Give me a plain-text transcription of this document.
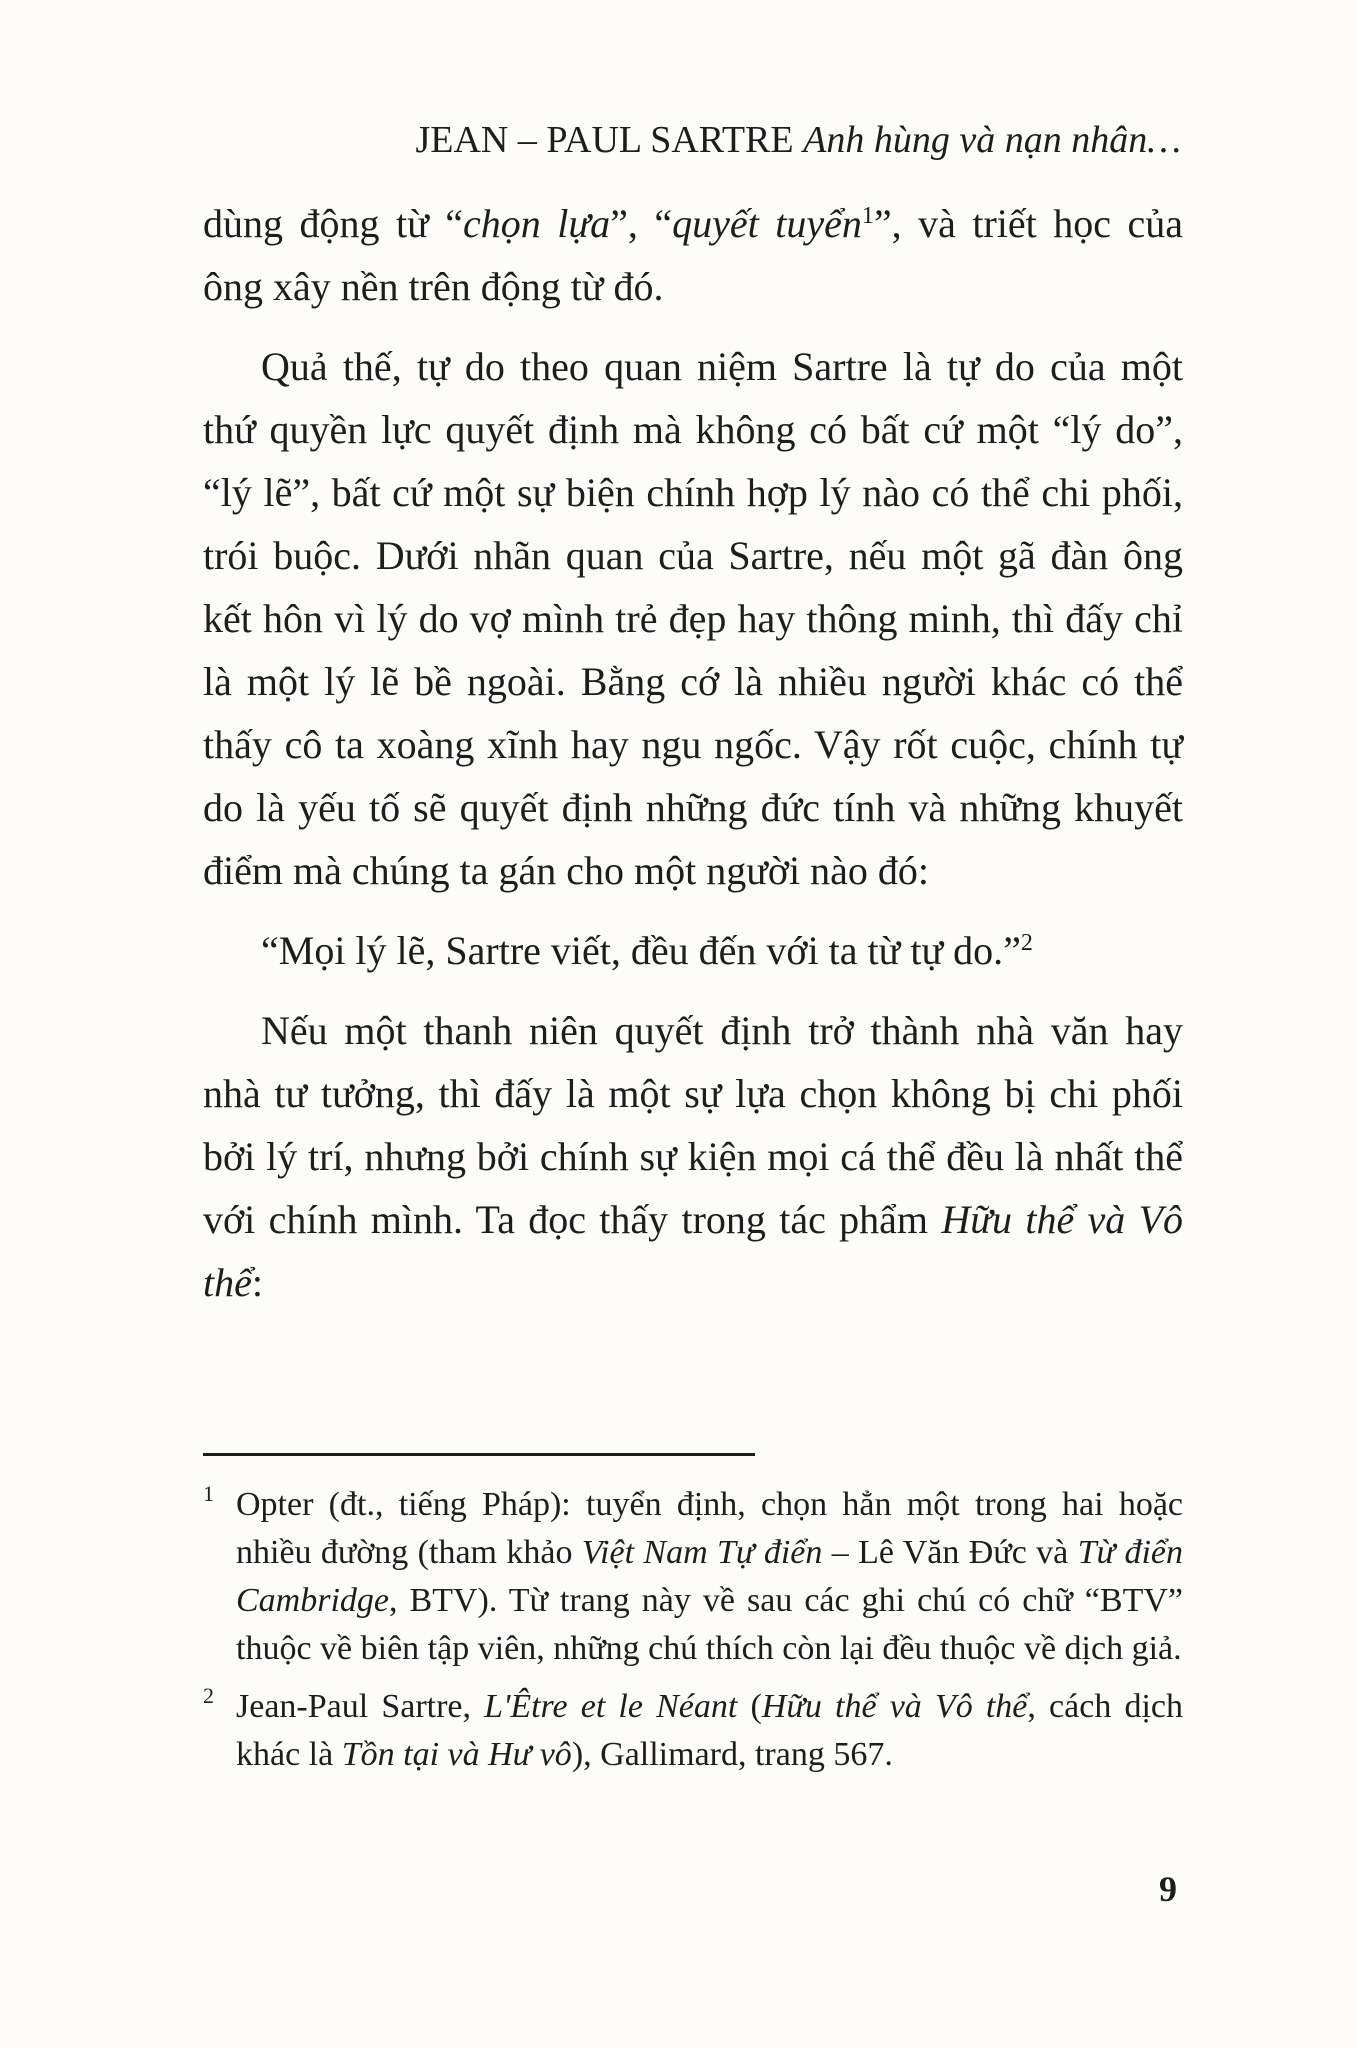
JEAN – PAUL SARTRE Anh hùng và nạn nhân…

dùng động từ “chọn lựa”, “quyết tuyển$^1$”, và triết học của ông xây nền trên động từ đó.

Quả thế, tự do theo quan niệm Sartre là tự do của một thứ quyền lực quyết định mà không có bất cứ một “lý do”, “lý lẽ”, bất cứ một sự biện chính hợp lý nào có thể chi phối, trói buộc. Dưới nhãn quan của Sartre, nếu một gã đàn ông kết hôn vì lý do vợ mình trẻ đẹp hay thông minh, thì đấy chỉ là một lý lẽ bề ngoài. Bằng cớ là nhiều người khác có thể thấy cô ta xoàng xĩnh hay ngu ngốc. Vậy rốt cuộc, chính tự do là yếu tố sẽ quyết định những đức tính và những khuyết điểm mà chúng ta gán cho một người nào đó:

“Mọi lý lẽ, Sartre viết, đều đến với ta từ tự do.”$^2$

Nếu một thanh niên quyết định trở thành nhà văn hay nhà tư tưởng, thì đấy là một sự lựa chọn không bị chi phối bởi lý trí, nhưng bởi chính sự kiện mọi cá thể đều là nhất thể với chính mình. Ta đọc thấy trong tác phẩm Hữu thể và Vô thể:

1 Opter (đt., tiếng Pháp): tuyển định, chọn hẳn một trong hai hoặc nhiều đường (tham khảo Việt Nam Tự điển – Lê Văn Đức và Từ điển Cambridge, BTV). Từ trang này về sau các ghi chú có chữ “BTV” thuộc về biên tập viên, những chú thích còn lại đều thuộc về dịch giả.

2 Jean-Paul Sartre, L'Être et le Néant (Hữu thể và Vô thể, cách dịch khác là Tồn tại và Hư vô), Gallimard, trang 567.

9
